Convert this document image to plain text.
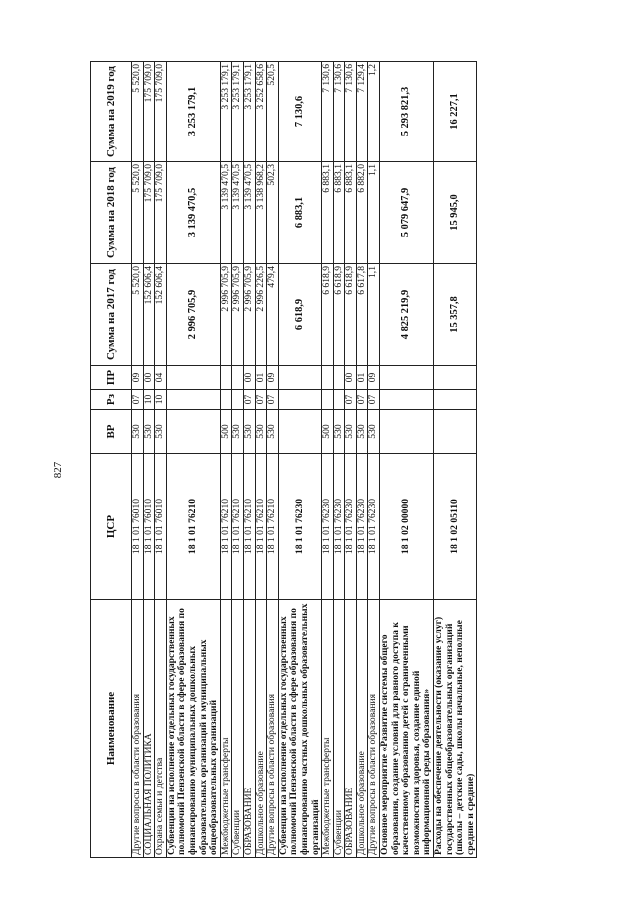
827
Наименование	ЦСР	ВР	Рз	ПР	Сумма на 2017 год	Сумма на 2018 год	Сумма на 2019 год
Другие вопросы в области образования	18 1 01 76010	530	07	09	5 520,0	5 520,0	5 520,0
СОЦИАЛЬНАЯ ПОЛИТИКА	18 1 01 76010	530	10	00	152 606,4	175 709,0	175 709,0
Охрана семьи и детства	18 1 01 76010	530	10	04	152 606,4	175 709,0	175 709,0
Субвенции на исполнение отдельных государственных полномочий Пензенской области в сфере образования по финансированию муниципальных дошкольных образовательных организаций и муниципальных общеобразовательных организаций	18 1 01 76210				2 996 705,9	3 139 470,5	3 253 179,1
Межбюджетные трансферты	18 1 01 76210	500			2 996 705,9	3 139 470,5	3 253 179,1
Субвенции	18 1 01 76210	530			2 996 705,9	3 139 470,5	3 253 179,1
ОБРАЗОВАНИЕ	18 1 01 76210	530	07	00	2 996 705,9	3 139 470,5	3 253 179,1
Дошкольное образование	18 1 01 76210	530	07	01	2 996 226,5	3 138 968,2	3 252 658,6
Другие вопросы в области образования	18 1 01 76210	530	07	09	479,4	502,3	520,5
Субвенции на исполнение отдельных государственных полномочий Пензенской области в сфере образования по финансированию частных дошкольных образовательных организаций	18 1 01 76230				6 618,9	6 883,1	7 130,6
Межбюджетные трансферты	18 1 01 76230	500			6 618,9	6 883,1	7 130,6
Субвенции	18 1 01 76230	530			6 618,9	6 883,1	7 130,6
ОБРАЗОВАНИЕ	18 1 01 76230	530	07	00	6 618,9	6 883,1	7 130,6
Дошкольное образование	18 1 01 76230	530	07	01	6 617,8	6 882,0	7 129,4
Другие вопросы в области образования	18 1 01 76230	530	07	09	1,1	1,1	1,2
Основное мероприятие «Развитие системы общего образования, создание условий для равного доступа к качественному образованию детей с ограниченными возможностями здоровья, создание единой информационной среды образования»	18 1 02 00000				4 825 219,9	5 079 647,9	5 293 821,3
Расходы на обеспечение деятельности (оказание услуг) государственных общеобразовательных организаций (школы – детские сады, школы начальные, неполные средние и средние)	18 1 02 05110				15 357,8	15 945,0	16 227,1
